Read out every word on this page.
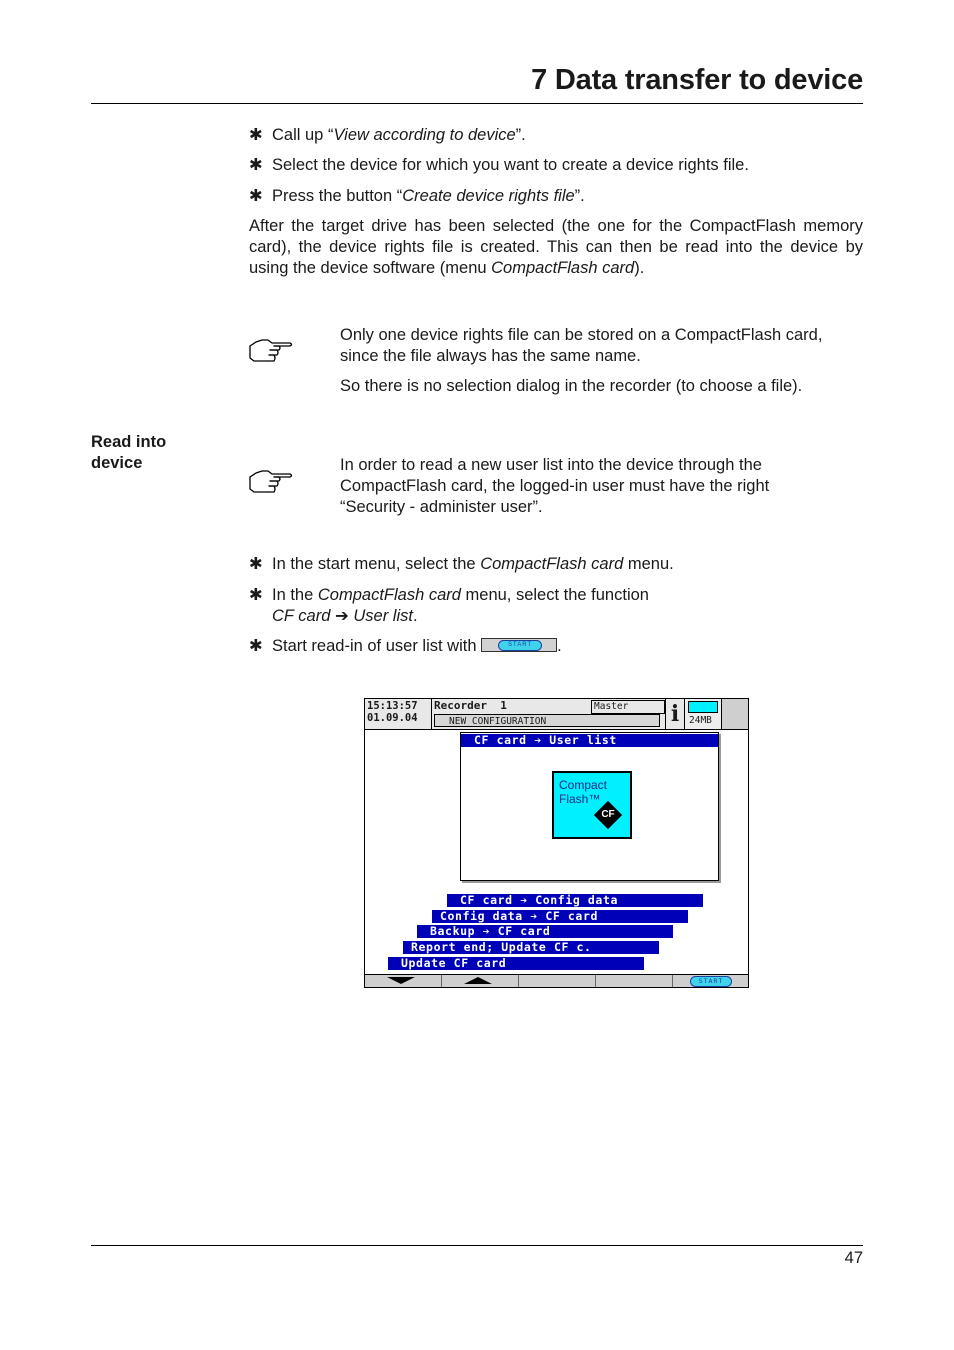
7 Data transfer to device
✱ Call up “View according to device”.
✱ Select the device for which you want to create a device rights file.
✱ Press the button “Create device rights file”.
After the target drive has been selected (the one for the CompactFlash memory card), the device rights file is created. This can then be read into the device by using the device software (menu CompactFlash card).

Only one device rights file can be stored on a CompactFlash card, since the file always has the same name.

So there is no selection dialog in the recorder (to choose a file).

Read into
device	In order to read a new user list into the device through the CompactFlash card, the logged-in user must have the right “Security - administer user”.

✱ In the start menu, select the CompactFlash card menu.
✱ In the CompactFlash card menu, select the function
CF card ➔ User list.
✱ Start read-in of user list with	START	.
15:13:57
01.09.04
Recorder  1	Master
NEW CONFIGURATION	i	24MB
CF card ➔ User list
Compact
Flash™
CF
CF card ➔ Config data
Config data ➔ CF card
Backup ➔ CF card
Report end; Update CF c.
Update CF card
START
47
